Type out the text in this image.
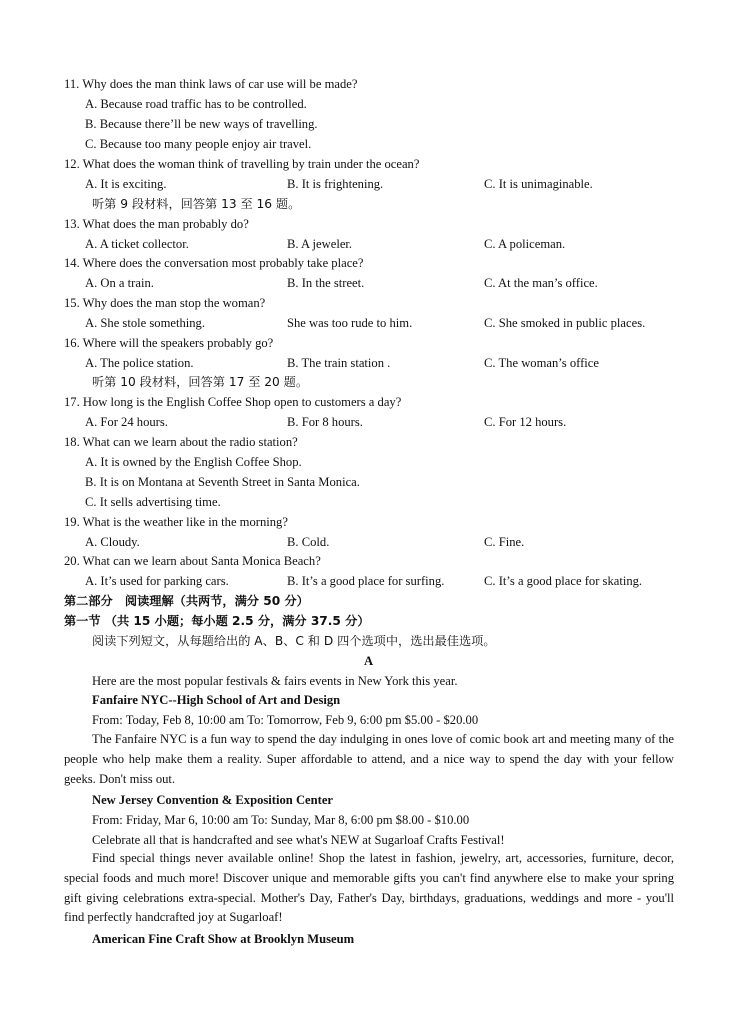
11. Why does the man think laws of car use will be made?
A. Because road traffic has to be controlled.
B. Because there’ll be new ways of travelling.
C. Because too many people enjoy air travel.
12. What does the woman think of travelling by train under the ocean?
A. It is exciting.	B. It is frightening.	C. It is unimaginable.
听第 9 段材料，回答第 13 至 16 题。
13. What does the man probably do?
A. A ticket collector.	B. A jeweler.	C. A policeman.
14. Where does the conversation most probably take place?
A. On a train.	B. In the street.	C. At the man’s office.
15. Why does the man stop the woman?
A. She stole something.	She was too rude to him.	C. She smoked in public places.
16. Where will the speakers probably go?
A. The police station.	B. The train station .	C. The woman’s office
听第 10 段材料，回答第 17 至 20 题。
17. How long is the English Coffee Shop open to customers a day?
A. For 24 hours.	B. For 8 hours.	C. For 12 hours.
18. What can we learn about the radio station?
A. It is owned by the English Coffee Shop.
B. It is on Montana at Seventh Street in Santa Monica.
C. It sells advertising time.
19. What is the weather like in the morning?
A. Cloudy.	B. Cold.	C. Fine.
20. What can we learn about Santa Monica Beach?
A. It’s used for parking cars.	B. It’s a good place for surfing.	C. It’s a good place for skating.
第二部分　阅读理解（共两节，满分 50 分）
第一节 （共 15 小题；每小题 2.5 分，满分 37.5 分）
阅读下列短文，从每题给出的 A、B、C 和 D 四个选项中，选出最佳选项。
A
Here are the most popular festivals & fairs events in New York this year.
Fanfaire NYC--High School of Art and Design
From: Today, Feb 8, 10:00 am To: Tomorrow, Feb 9, 6:00 pm $5.00 - $20.00
The Fanfaire NYC is a fun way to spend the day indulging in ones love of comic book art and meeting many of the people who help make them a reality. Super affordable to attend, and a nice way to spend the day with your fellow geeks. Don't miss out.
New Jersey Convention & Exposition Center
From: Friday, Mar 6, 10:00 am To: Sunday, Mar 8, 6:00 pm $8.00 - $10.00
Celebrate all that is handcrafted and see what's NEW at Sugarloaf Crafts Festival!
Find special things never available online! Shop the latest in fashion, jewelry, art, accessories, furniture, decor, special foods and much more! Discover unique and memorable gifts you can't find anywhere else to make your spring gift giving celebrations extra-special. Mother's Day, Father's Day, birthdays, graduations, weddings and more - you'll find perfectly handcrafted joy at Sugarloaf!
American Fine Craft Show at Brooklyn Museum
